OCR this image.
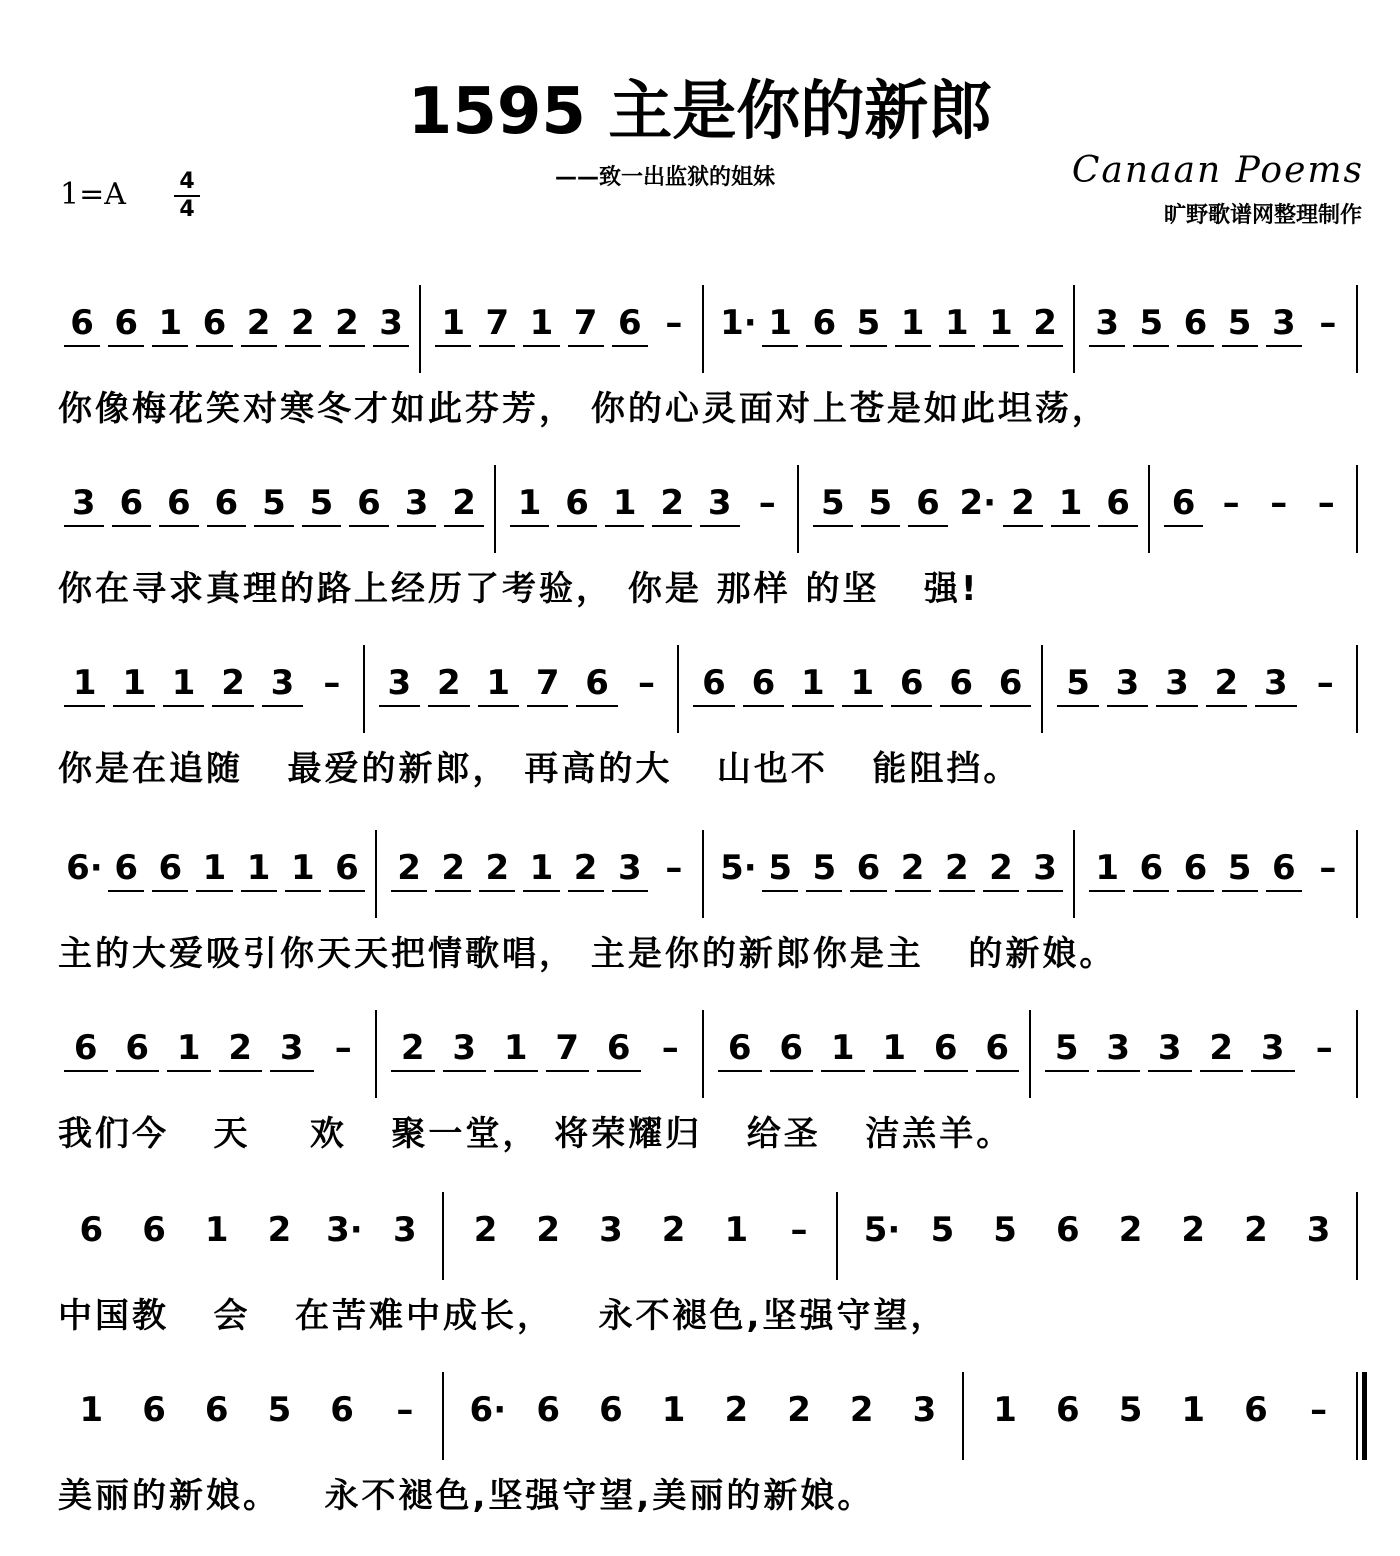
1595 主是你的新郎
——致一出监狱的姐妹
1=A	4
4
Canaan Poems
旷野歌谱网整理制作
6 6 1 6 2 2 2 3 1 7 1 7 6 – 1· 1 6 5 1 1 1 2 3 5 6 5 3 –
你像梅花笑对寒冬才如此芬芳， 你的心灵面对上苍是如此坦荡，
3 6 6 6 5 5 6 3 2 1 6 1 2 3 – 5 5 6 2· 2 1 6 6 – – –
你在寻求真理的路上经历了考验， 你是 那样 的坚   强!
1 1 1 2 3 – 3 2 1 7 6 – 6 6 1 1 6 6 6 5 3 3 2 3 –
你是在追随   最爱的新郎， 再高的大   山也不   能阻挡。
6· 6 6 1 1 1 6 2 2 2 1 2 3 – 5· 5 5 6 2 2 2 3 1 6 6 5 6 –
主的大爱吸引你天天把情歌唱， 主是你的新郎你是主   的新娘。
6 6 1 2 3 – 2 3 1 7 6 – 6 6 1 1 6 6 5 3 3 2 3 –
我们今   天    欢   聚一堂， 将荣耀归   给圣   洁羔羊。
6 6 1 2 3· 3 2 2 3 2 1 – 5· 5 5 6 2 2 2 3
中国教   会   在苦难中成长，   永不褪色,坚强守望，
1 6 6 5 6 – 6· 6 6 1 2 2 2 3 1 6 5 1 6 –
美丽的新娘。   永不褪色,坚强守望,美丽的新娘。
